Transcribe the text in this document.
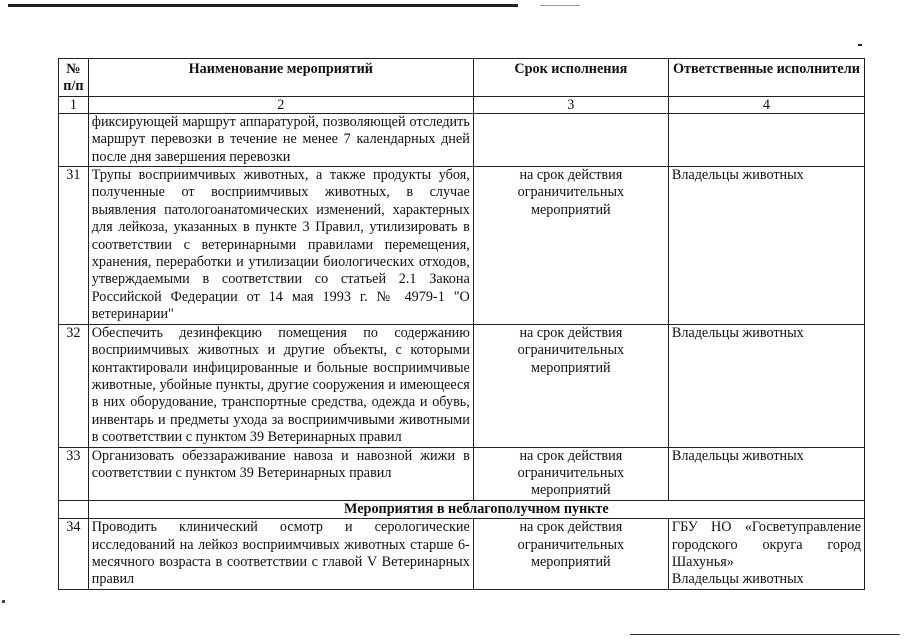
№ п/п	Наименование мероприятий	Срок исполнения	Ответственные исполнители
1	2	3	4
	фиксирующей маршрут аппаратурой, позволяющей отследить маршрут перевозки в течение не менее 7 календарных дней после дня завершения перевозки		
31	Трупы восприимчивых животных, а также продукты убоя, полученные от восприимчивых животных, в случае выявления патологоанатомических изменений, характерных для лейкоза, указанных в пункте 3 Правил, утилизировать в соответствии с ветеринарными правилами перемещения, хранения, переработки и утилизации биологических отходов, утверждаемыми в соответствии со статьей 2.1 Закона Российской Федерации от 14 мая 1993 г. № 4979-1 "О ветеринарии"	на срок действия ограничительных мероприятий	Владельцы животных
32	Обеспечить дезинфекцию помещения по содержанию восприимчивых животных и другие объекты, с которыми контактировали инфицированные и больные восприимчивые животные, убойные пункты, другие сооружения и имеющееся в них оборудование, транспортные средства, одежда и обувь, инвентарь и предметы ухода за восприимчивыми животными в соответствии с пунктом 39 Ветеринарных правил	на срок действия ограничительных мероприятий	Владельцы животных
33	Организовать обеззараживание навоза и навозной жижи в соответствии с пунктом 39 Ветеринарных правил	на срок действия ограничительных мероприятий	Владельцы животных
	Мероприятия в неблагополучном пункте		
34	Проводить клинический осмотр и серологические исследований на лейкоз восприимчивых животных старше 6-месячного возраста в соответствии с главой V Ветеринарных правил	на срок действия ограничительных мероприятий	ГБУ НО «Госветуправление городского округа город Шахунья»
Владельцы животных
